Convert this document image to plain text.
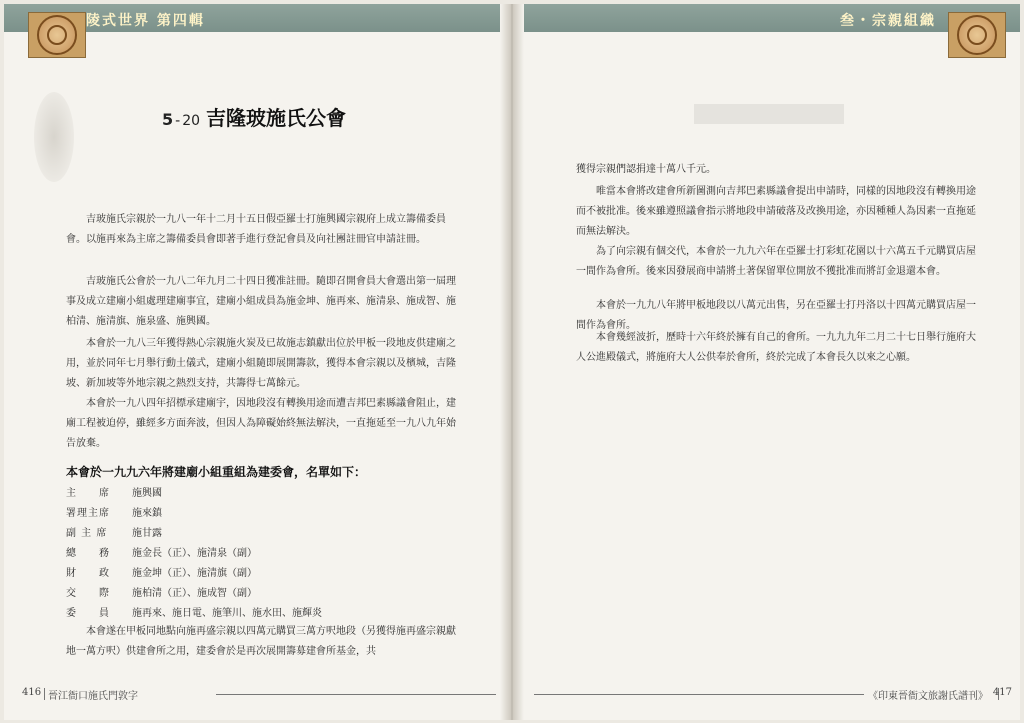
陵式世界 第四輯
5 - 20 吉隆玻施氏公會

吉玻施氏宗親於一九八一年十二月十五日假亞羅士打施興國宗親府上成立籌備委員會。以施再來為主席之籌備委員會即著手進行登記會員及向社團註冊官申請註冊。

吉玻施氏公會於一九八二年九月二十四日獲准註冊。隨即召開會員大會選出第一屆理事及成立建廟小組處理建廟事宜，建廟小組成員為施金坤、施再來、施清泉、施成智、施柏清、施清旗、施泉盛、施興國。

本會於一九八三年獲得熱心宗親施火炭及已故施志鎮獻出位於甲板一段地皮供建廟之用，並於同年七月舉行動土儀式，建廟小組隨即展開籌款，獲得本會宗親以及檳城，吉隆坡、新加坡等外地宗親之熱烈支持，共籌得七萬餘元。

本會於一九八四年招標承建廟宇，因地段沒有轉換用途而遭吉邦巴素縣議會阻止，建廟工程被迫停，雖經多方面奔波，但因人為障礙始終無法解決，一直拖延至一九八九年始告放棄。

本會於一九九六年將建廟小組重組為建委會，名單如下：
主　　席	施興國
署理主席	施來鎮
副 主 席	施甘露
總　　務	施金長（正）、施清泉（副）
財　　政	施金坤（正）、施清旗（副）
交　　際	施柏清（正）、施成智（副）
委　　員	施再來、施日電、施筆川、施水田、施輝炎

本會遂在甲板同地點向施再盛宗親以四萬元購買三萬方呎地段（另獲得施再盛宗親獻地一萬方呎）供建會所之用，建委會於是再次展開籌募建會所基金，共

416 晉江衙口施氏門敦字
叁・宗親組織

獲得宗親們認捐達十萬八千元。

唯當本會將改建會所新圖測向吉邦巴素縣議會提出申請時，同樣的因地段沒有轉換用途而不被批准。後來雖遵照議會指示將地段申請破落及改換用途，亦因種種人為因素一直拖延而無法解決。

為了向宗親有個交代，本會於一九九六年在亞羅士打彩虹花園以十六萬五千元購買店屋一間作為會所。後來因發展商申請將土著保留單位開放不獲批准而將訂金退還本會。

本會於一九九八年將甲板地段以八萬元出售，另在亞羅士打丹洛以十四萬元購買店屋一間作為會所。

本會幾經波折，歷時十六年終於擁有自己的會所。一九九九年二月二十七日舉行施府大人公進殿儀式，將施府大人公供奉於會所，終於完成了本會長久以來之心願。

《印東晉衙文旅謝氏譜刊》 417
